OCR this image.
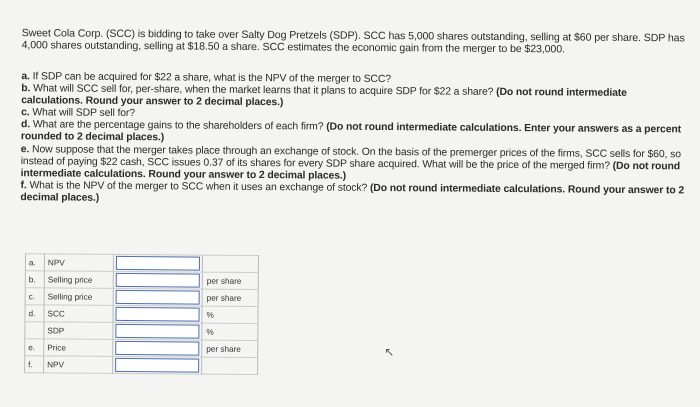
Sweet Cola Corp. (SCC) is bidding to take over Salty Dog Pretzels (SDP). SCC has 5,000 shares outstanding, selling at $60 per share. SDP has 4,000 shares outstanding, selling at $18.50 a share. SCC estimates the economic gain from the merger to be $23,000.

a. If SDP can be acquired for $22 a share, what is the NPV of the merger to SCC?

b. What will SCC sell for, per-share, when the market learns that it plans to acquire SDP for $22 a share? (Do not round intermediate calculations. Round your answer to 2 decimal places.)

c. What will SDP sell for?

d. What are the percentage gains to the shareholders of each firm? (Do not round intermediate calculations. Enter your answers as a percent rounded to 2 decimal places.)

e. Now suppose that the merger takes place through an exchange of stock. On the basis of the premerger prices of the firms, SCC sells for $60, so instead of paying $22 cash, SCC issues 0.37 of its shares for every SDP share acquired. What will be the price of the merged firm? (Do not round intermediate calculations. Round your answer to 2 decimal places.)

f. What is the NPV of the merger to SCC when it uses an exchange of stock? (Do not round intermediate calculations. Round your answer to 2 decimal places.)

a.	NPV	

b.	Selling price		per share
c.	Selling price		per share
d.	SCC		%
	SDP		%
e.	Price		per share
f.	NPV	

↖
